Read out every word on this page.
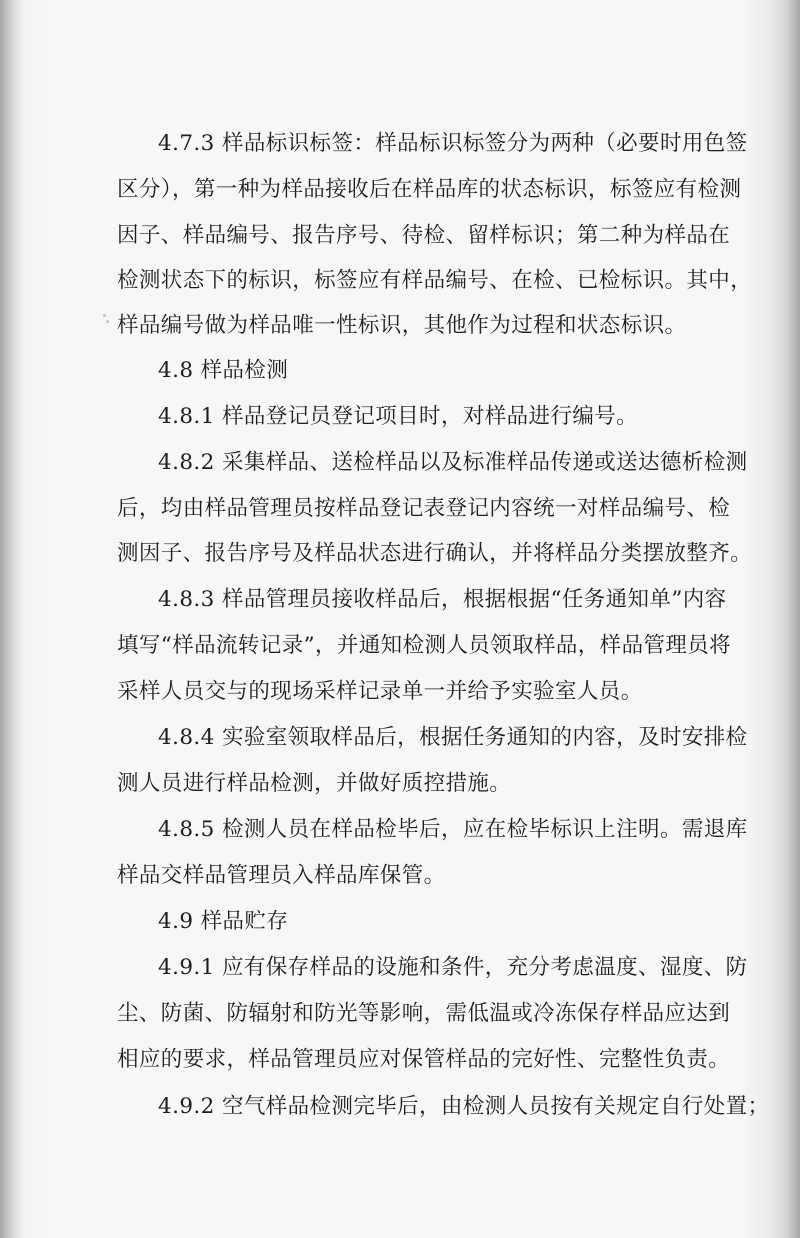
4.7.3 样品标识标签：样品标识标签分为两种（必要时用色签
区分），第一种为样品接收后在样品库的状态标识，标签应有检测
因子、样品编号、报告序号、待检、留样标识；第二种为样品在
检测状态下的标识，标签应有样品编号、在检、已检标识。其中，
样品编号做为样品唯一性标识，其他作为过程和状态标识。
4.8 样品检测
4.8.1 样品登记员登记项目时，对样品进行编号。
4.8.2 采集样品、送检样品以及标准样品传递或送达德析检测
后，均由样品管理员按样品登记表登记内容统一对样品编号、检
测因子、报告序号及样品状态进行确认，并将样品分类摆放整齐。
4.8.3 样品管理员接收样品后，根据根据“任务通知单”内容
填写“样品流转记录”，并通知检测人员领取样品，样品管理员将
采样人员交与的现场采样记录单一并给予实验室人员。
4.8.4 实验室领取样品后，根据任务通知的内容，及时安排检
测人员进行样品检测，并做好质控措施。
4.8.5 检测人员在样品检毕后，应在检毕标识上注明。需退库
样品交样品管理员入样品库保管。
4.9 样品贮存
4.9.1 应有保存样品的设施和条件，充分考虑温度、湿度、防
尘、防菌、防辐射和防光等影响，需低温或冷冻保存样品应达到
相应的要求，样品管理员应对保管样品的完好性、完整性负责。
4.9.2 空气样品检测完毕后，由检测人员按有关规定自行处置；
